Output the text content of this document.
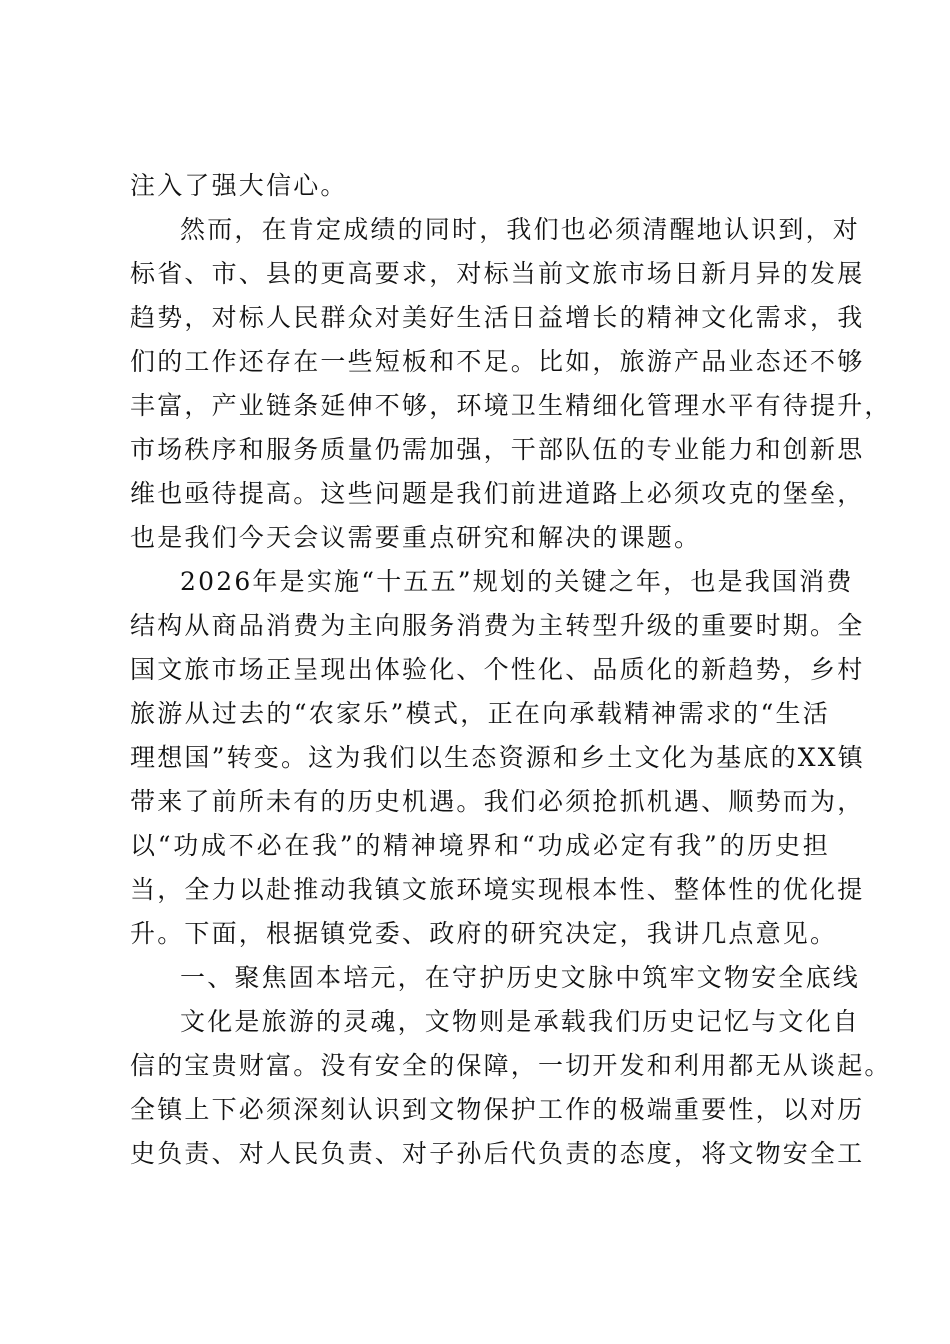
注入了强大信心。
然而，在肯定成绩的同时，我们也必须清醒地认识到，对
标省、市、县的更高要求，对标当前文旅市场日新月异的发展
趋势，对标人民群众对美好生活日益增长的精神文化需求，我
们的工作还存在一些短板和不足。比如，旅游产品业态还不够
丰富，产业链条延伸不够，环境卫生精细化管理水平有待提升，
市场秩序和服务质量仍需加强，干部队伍的专业能力和创新思
维也亟待提高。这些问题是我们前进道路上必须攻克的堡垒，
也是我们今天会议需要重点研究和解决的课题。
2026年是实施“十五五”规划的关键之年，也是我国消费
结构从商品消费为主向服务消费为主转型升级的重要时期。全
国文旅市场正呈现出体验化、个性化、品质化的新趋势，乡村
旅游从过去的“农家乐”模式，正在向承载精神需求的“生活
理想国”转变。这为我们以生态资源和乡土文化为基底的XX镇
带来了前所未有的历史机遇。我们必须抢抓机遇、顺势而为，
以“功成不必在我”的精神境界和“功成必定有我”的历史担
当，全力以赴推动我镇文旅环境实现根本性、整体性的优化提
升。下面，根据镇党委、政府的研究决定，我讲几点意见。
一、聚焦固本培元，在守护历史文脉中筑牢文物安全底线
文化是旅游的灵魂，文物则是承载我们历史记忆与文化自
信的宝贵财富。没有安全的保障，一切开发和利用都无从谈起。
全镇上下必须深刻认识到文物保护工作的极端重要性，以对历
史负责、对人民负责、对子孙后代负责的态度，将文物安全工
